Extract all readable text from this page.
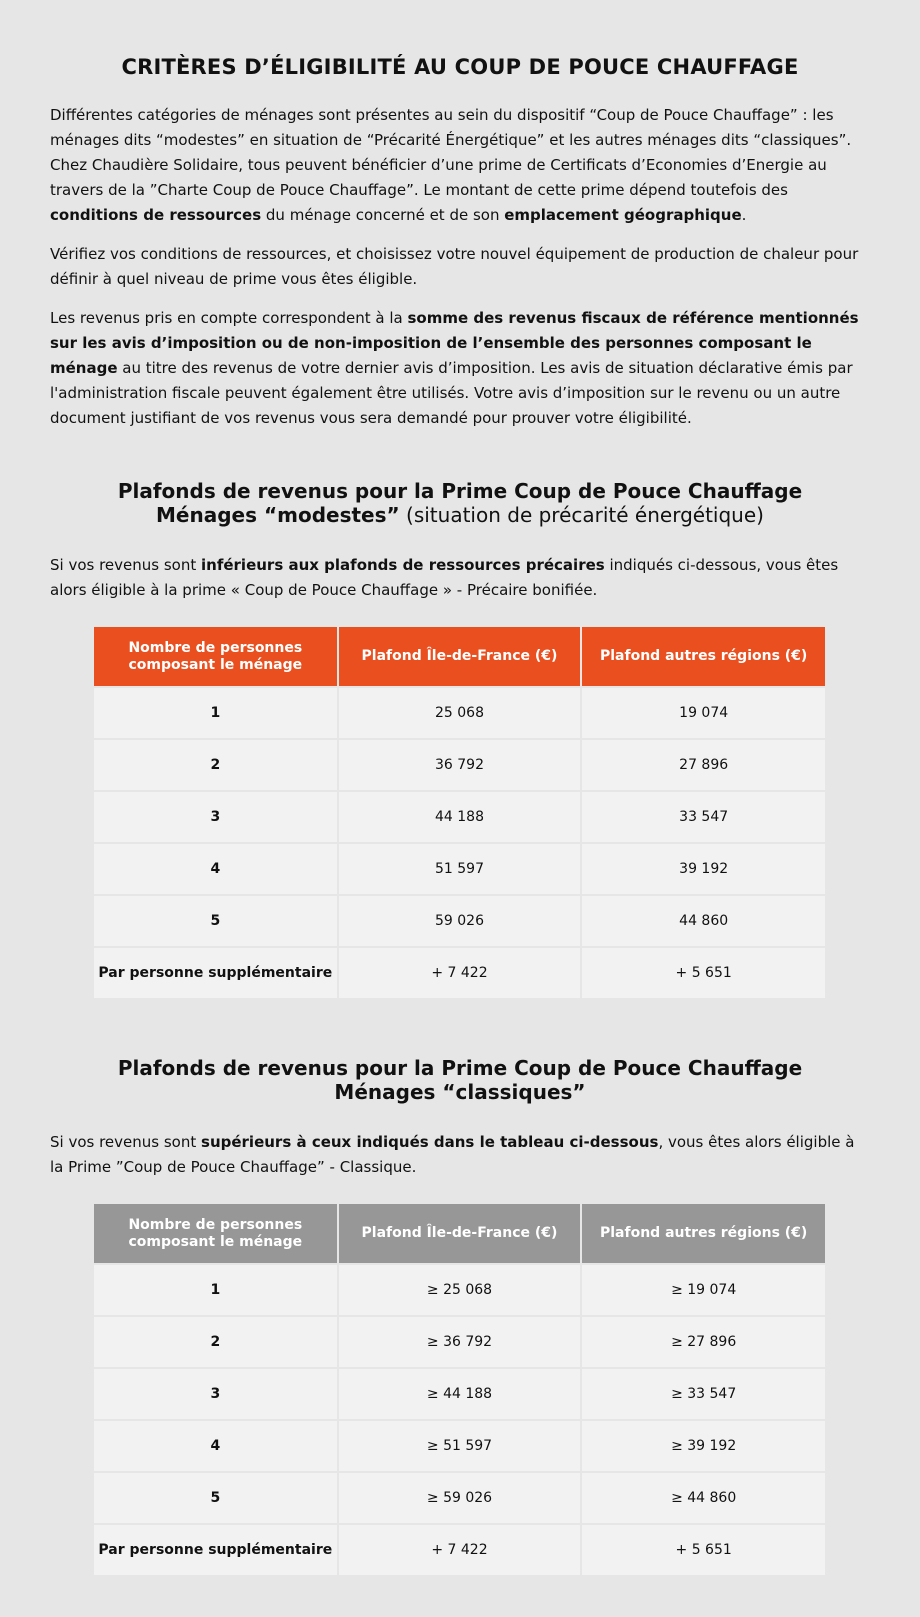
CRITÈRES D’ÉLIGIBILITÉ AU COUP DE POUCE CHAUFFAGE

Différentes catégories de ménages sont présentes au sein du dispositif “Coup de Pouce Chauffage” : les ménages dits “modestes” en situation de “Précarité Énergétique” et les autres ménages dits “classiques”. Chez Chaudière Solidaire, tous peuvent bénéficier d’une prime de Certificats d’Economies d’Energie au travers de la ”Charte Coup de Pouce Chauffage”. Le montant de cette prime dépend toutefois des conditions de ressources du ménage concerné et de son emplacement géographique.

Vérifiez vos conditions de ressources, et choisissez votre nouvel équipement de production de chaleur pour définir à quel niveau de prime vous êtes éligible.

Les revenus pris en compte correspondent à la somme des revenus fiscaux de référence mentionnés sur les avis d’imposition ou de non-imposition de l’ensemble des personnes composant le ménage au titre des revenus de votre dernier avis d’imposition. Les avis de situation déclarative émis par l'administration fiscale peuvent également être utilisés. Votre avis d’imposition sur le revenu ou un autre document justifiant de vos revenus vous sera demandé pour prouver votre éligibilité.

Plafonds de revenus pour la Prime Coup de Pouce Chauffage
Ménages “modestes” (situation de précarité énergétique)

Si vos revenus sont inférieurs aux plafonds de ressources précaires indiqués ci-dessous, vous êtes alors éligible à la prime « Coup de Pouce Chauffage » - Précaire bonifiée.

Nombre de personnes composant le ménage	Plafond Île-de-France (€)	Plafond autres régions (€)
1	25 068	19 074
2	36 792	27 896
3	44 188	33 547
4	51 597	39 192
5	59 026	44 860
Par personne supplémentaire	+ 7 422	+ 5 651
Plafonds de revenus pour la Prime Coup de Pouce Chauffage
Ménages “classiques”

Si vos revenus sont supérieurs à ceux indiqués dans le tableau ci-dessous, vous êtes alors éligible à la Prime ”Coup de Pouce Chauffage” - Classique.

Nombre de personnes composant le ménage	Plafond Île-de-France (€)	Plafond autres régions (€)
1	≥ 25 068	≥ 19 074
2	≥ 36 792	≥ 27 896
3	≥ 44 188	≥ 33 547
4	≥ 51 597	≥ 39 192
5	≥ 59 026	≥ 44 860
Par personne supplémentaire	+ 7 422	+ 5 651
